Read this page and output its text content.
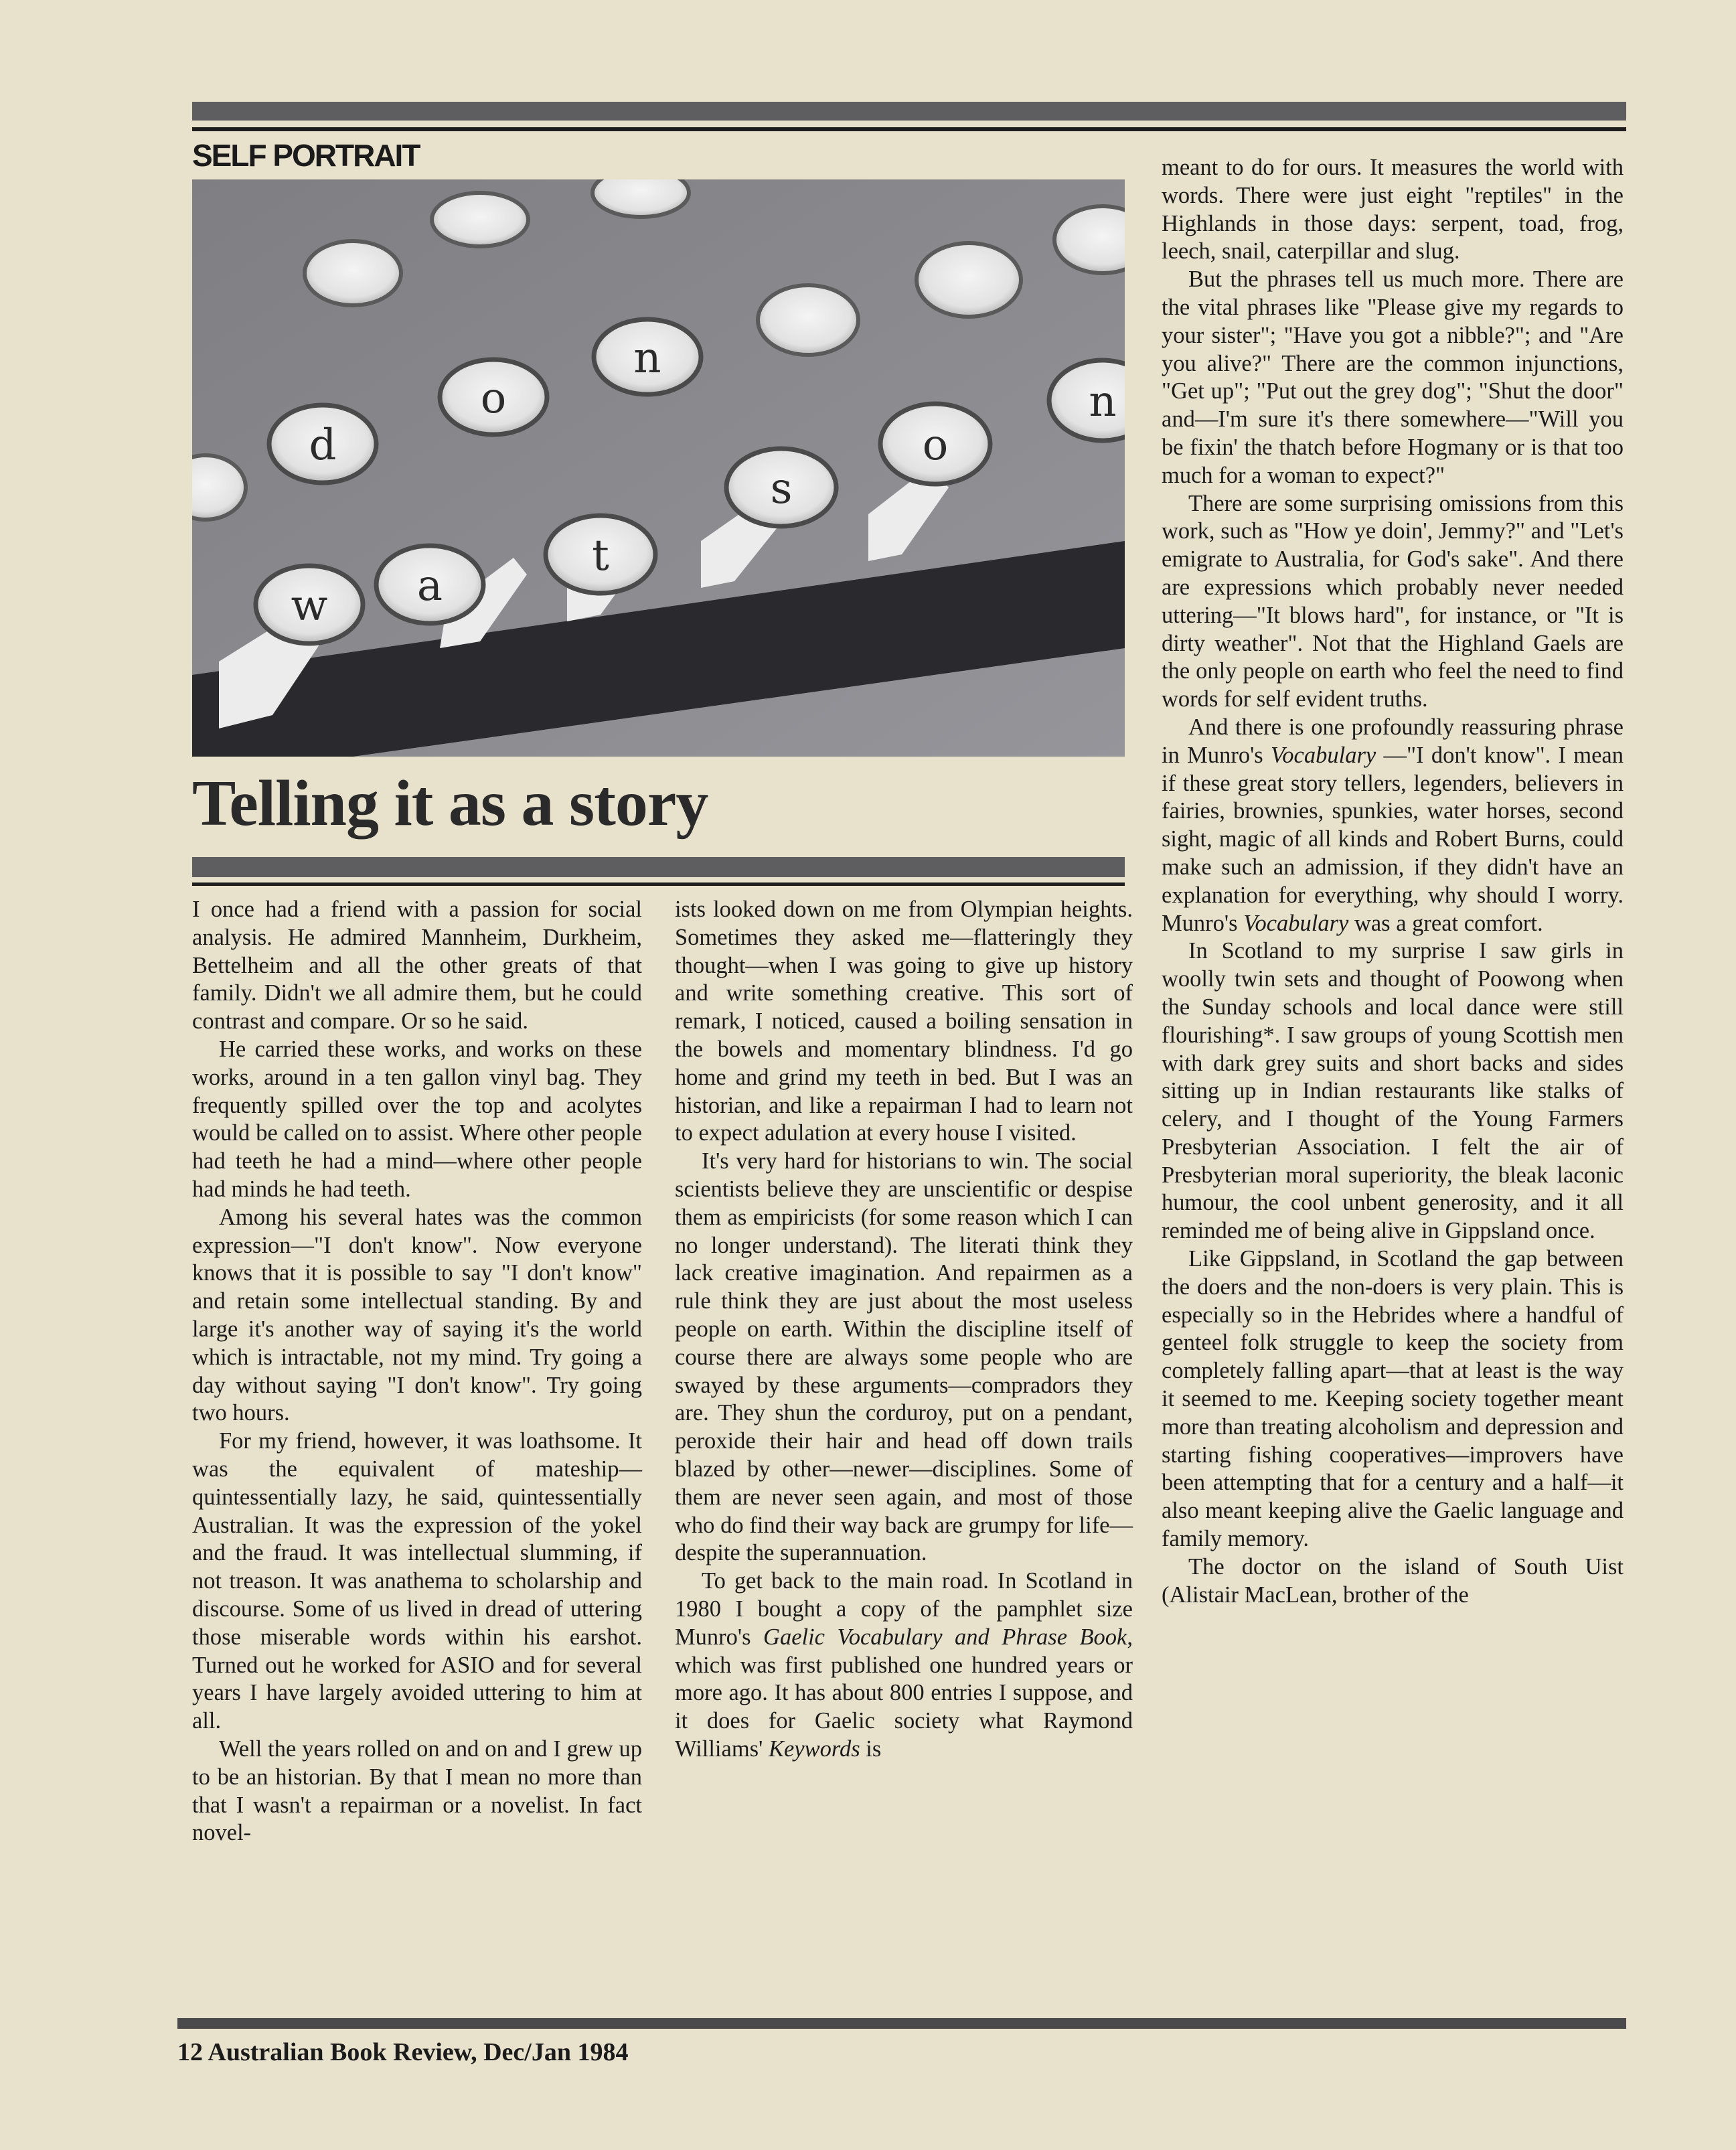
SELF PORTRAIT
w a
t
s
o
n
d
o
n
Telling it as a story

I once had a friend with a passion for social analysis. He admired Mannheim, Durkheim, Bettelheim and all the other greats of that family. Didn't we all admire them, but he could contrast and compare. Or so he said.

He carried these works, and works on these works, around in a ten gallon vinyl bag. They frequently spilled over the top and acolytes would be called on to assist. Where other people had teeth he had a mind—where other people had minds he had teeth.

Among his several hates was the common expression—"I don't know". Now everyone knows that it is possible to say "I don't know" and retain some intellectual standing. By and large it's another way of saying it's the world which is intractable, not my mind. Try going a day without saying "I don't know". Try going two hours.

For my friend, however, it was loathsome. It was the equivalent of mateship—quintessentially lazy, he said, quintessentially Australian. It was the expression of the yokel and the fraud. It was intellectual slumming, if not treason. It was anathema to scholarship and discourse. Some of us lived in dread of uttering those miserable words within his earshot. Turned out he worked for ASIO and for several years I have largely avoided uttering to him at all.

Well the years rolled on and on and I grew up to be an historian. By that I mean no more than that I wasn't a repairman or a novelist. In fact novel-

ists looked down on me from Olympian heights. Sometimes they asked me—flatteringly they thought—when I was going to give up history and write something creative. This sort of remark, I noticed, caused a boiling sensation in the bowels and momentary blindness. I'd go home and grind my teeth in bed. But I was an historian, and like a repairman I had to learn not to expect adulation at every house I visited.

It's very hard for historians to win. The social scientists believe they are unscientific or despise them as empiricists (for some reason which I can no longer understand). The literati think they lack creative imagination. And repairmen as a rule think they are just about the most useless people on earth. Within the discipline itself of course there are always some people who are swayed by these arguments—compradors they are. They shun the corduroy, put on a pendant, peroxide their hair and head off down trails blazed by other—newer—disciplines. Some of them are never seen again, and most of those who do find their way back are grumpy for life—despite the superannuation.

To get back to the main road. In Scotland in 1980 I bought a copy of the pamphlet size Munro's Gaelic Vocabulary and Phrase Book, which was first published one hundred years or more ago. It has about 800 entries I suppose, and it does for Gaelic society what Raymond Williams' Keywords is

meant to do for ours. It measures the world with words. There were just eight "reptiles" in the Highlands in those days: serpent, toad, frog, leech, snail, caterpillar and slug.

But the phrases tell us much more. There are the vital phrases like "Please give my regards to your sister"; "Have you got a nibble?"; and "Are you alive?" There are the common injunctions, "Get up"; "Put out the grey dog"; "Shut the door" and—I'm sure it's there somewhere—"Will you be fixin' the thatch before Hogmany or is that too much for a woman to expect?"

There are some surprising omissions from this work, such as "How ye doin', Jemmy?" and "Let's emigrate to Australia, for God's sake". And there are expressions which probably never needed uttering—"It blows hard", for instance, or "It is dirty weather". Not that the Highland Gaels are the only people on earth who feel the need to find words for self evident truths.

And there is one profoundly reassuring phrase in Munro's Vocabulary —"I don't know". I mean if these great story tellers, legenders, believers in fairies, brownies, spunkies, water horses, second sight, magic of all kinds and Robert Burns, could make such an admission, if they didn't have an explanation for everything, why should I worry. Munro's Vocabulary was a great comfort.

In Scotland to my surprise I saw girls in woolly twin sets and thought of Poowong when the Sunday schools and local dance were still flourishing*. I saw groups of young Scottish men with dark grey suits and short backs and sides sitting up in Indian restaurants like stalks of celery, and I thought of the Young Farmers Presbyterian Association. I felt the air of Presbyterian moral superiority, the bleak laconic humour, the cool unbent generosity, and it all reminded me of being alive in Gippsland once.

Like Gippsland, in Scotland the gap between the doers and the non-doers is very plain. This is especially so in the Hebrides where a handful of genteel folk struggle to keep the society from completely falling apart—that at least is the way it seemed to me. Keeping society together meant more than treating alcoholism and depression and starting fishing cooperatives—improvers have been attempting that for a century and a half—it also meant keeping alive the Gaelic language and family memory.

The doctor on the island of South Uist (Alistair MacLean, brother of the

12 Australian Book Review, Dec/Jan 1984
